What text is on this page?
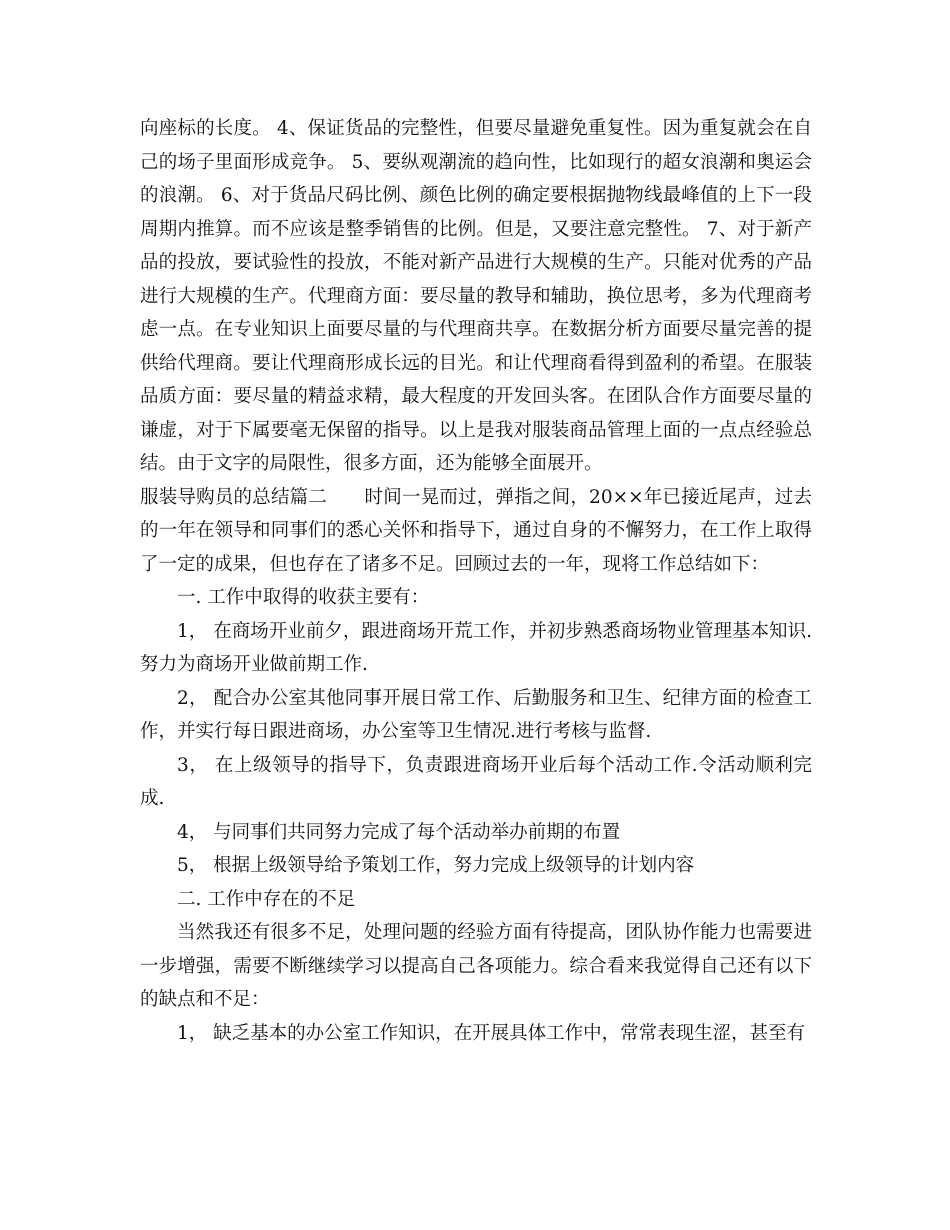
向座标的长度。 4、保证货品的完整性，但要尽量避免重复性。因为重复就会在自己的场子里面形成竞争。 5、要纵观潮流的趋向性，比如现行的超女浪潮和奥运会的浪潮。 6、对于货品尺码比例、颜色比例的确定要根据抛物线最峰值的上下一段周期内推算。而不应该是整季销售的比例。但是，又要注意完整性。 7、对于新产品的投放，要试验性的投放，不能对新产品进行大规模的生产。只能对优秀的产品进行大规模的生产。代理商方面：要尽量的教导和辅助，换位思考，多为代理商考虑一点。在专业知识上面要尽量的与代理商共享。在数据分析方面要尽量完善的提供给代理商。要让代理商形成长远的目光。和让代理商看得到盈利的希望。在服装品质方面：要尽量的精益求精，最大程度的开发回头客。在团队合作方面要尽量的谦虚，对于下属要毫无保留的指导。以上是我对服装商品管理上面的一点点经验总结。由于文字的局限性，很多方面，还为能够全面展开。

服装导购员的总结篇二　　时间一晃而过，弹指之间，20××年已接近尾声，过去的一年在领导和同事们的悉心关怀和指导下，通过自身的不懈努力，在工作上取得了一定的成果，但也存在了诸多不足。回顾过去的一年，现将工作总结如下：

一. 工作中取得的收获主要有：

1， 在商场开业前夕，跟进商场开荒工作，并初步熟悉商场物业管理基本知识.努力为商场开业做前期工作.

2， 配合办公室其他同事开展日常工作、后勤服务和卫生、纪律方面的检查工作，并实行每日跟进商场，办公室等卫生情况.进行考核与监督.

3， 在上级领导的指导下，负责跟进商场开业后每个活动工作.令活动顺利完成.

4， 与同事们共同努力完成了每个活动举办前期的布置

5， 根据上级领导给予策划工作，努力完成上级领导的计划内容

二. 工作中存在的不足

当然我还有很多不足，处理问题的经验方面有待提高，团队协作能力也需要进一步增强，需要不断继续学习以提高自己各项能力。综合看来我觉得自己还有以下的缺点和不足：

1， 缺乏基本的办公室工作知识，在开展具体工作中，常常表现生涩，甚至有
